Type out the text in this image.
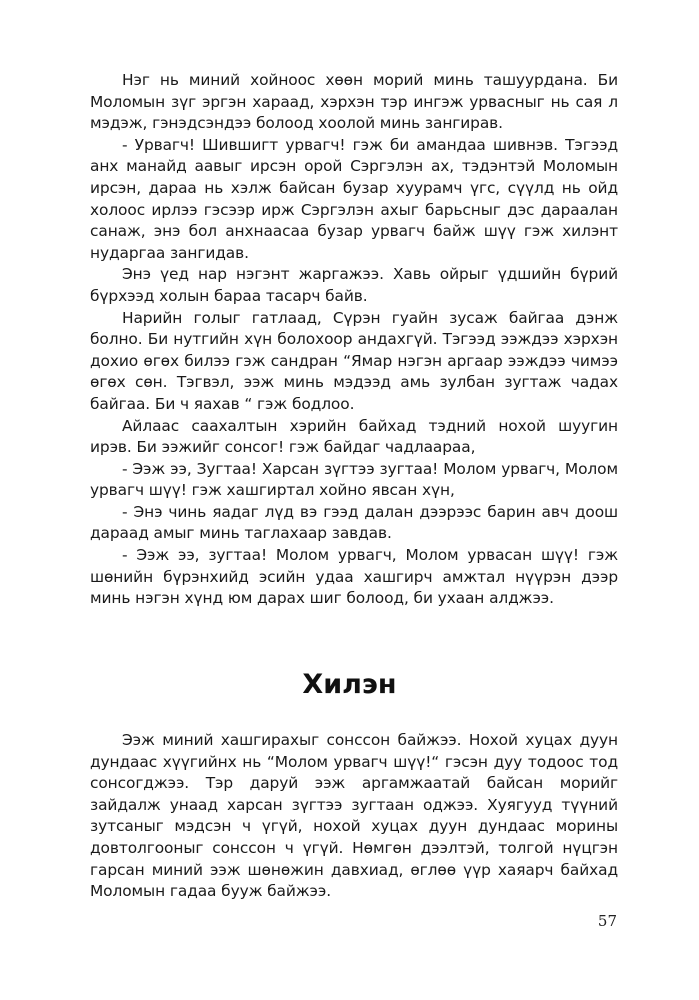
Нэг нь миний хойноос хөөн морий минь ташуурдана. Би Моломын зүг эргэн хараад, хэрхэн тэр ингэж урвасныг нь сая л мэдэж, гэнэдсэндээ болоод хоолой минь зангирав.

- Урвагч! Шившигт урвагч! гэж би амандаа шивнэв. Тэгээд анх манайд аавыг ирсэн орой Сэргэлэн ах, тэдэнтэй Моломын ирсэн, дараа нь хэлж байсан бузар хуурамч үгс, сүүлд нь ойд холоос ирлээ гэсээр ирж Сэргэлэн ахыг барьсныг дэс дараалан санаж, энэ бол анхнаасаа бузар урвагч байж шүү гэж хилэнт нударгаа зангидав.

Энэ үед нар нэгэнт жаргажээ. Хавь ойрыг үдшийн бүрий бүрхээд холын бараа тасарч байв.

Нарийн голыг гатлаад, Сүрэн гуайн зусаж байгаа дэнж болно. Би нутгийн хүн болохоор андахгүй. Тэгээд ээждээ хэрхэн дохио өгөх билээ гэж сандран “Ямар нэгэн аргаар ээждээ чимээ өгөх сөн. Тэгвэл, ээж минь мэдээд амь зулбан зугтаж чадах байгаа. Би ч яахав “ гэж бодлоо.

Айлаас саахалтын хэрийн байхад тэдний нохой шуугин ирэв. Би ээжийг сонсог! гэж байдаг чадлаараа,

- Ээж ээ, Зугтаа! Харсан зүгтээ зугтаа! Молом урвагч, Молом урвагч шүү! гэж хашгиртал хойно явсан хүн,

- Энэ чинь яадаг лүд вэ гээд далан дээрээс барин авч доош дараад амыг минь таглахаар завдав.

- Ээж ээ, зугтаа! Молом урвагч, Молом урвасан шүү! гэж шөнийн бүрэнхийд эсийн удаа хашгирч амжтал нүүрэн дээр минь нэгэн хүнд юм дарах шиг болоод, би ухаан алджээ.

Хилэн

Ээж миний хашгирахыг сонссон байжээ. Нохой хуцах дуун дундаас хүүгийнх нь “Молом урвагч шүү!“ гэсэн дуу тодоос тод сонсогджээ. Тэр даруй ээж аргамжаатай байсан морийг зайдалж унаад харсан зүгтээ зугтаан оджээ. Хуягууд түүний зутсаныг мэдсэн ч үгүй, нохой хуцах дуун дундаас морины довтолгооныг сонссон ч үгүй. Нөмгөн дээлтэй, толгой нүцгэн гарсан миний ээж шөнөжин давхиад, өглөө үүр хаяарч байхад Моломын гадаа бууж байжээ.

57
